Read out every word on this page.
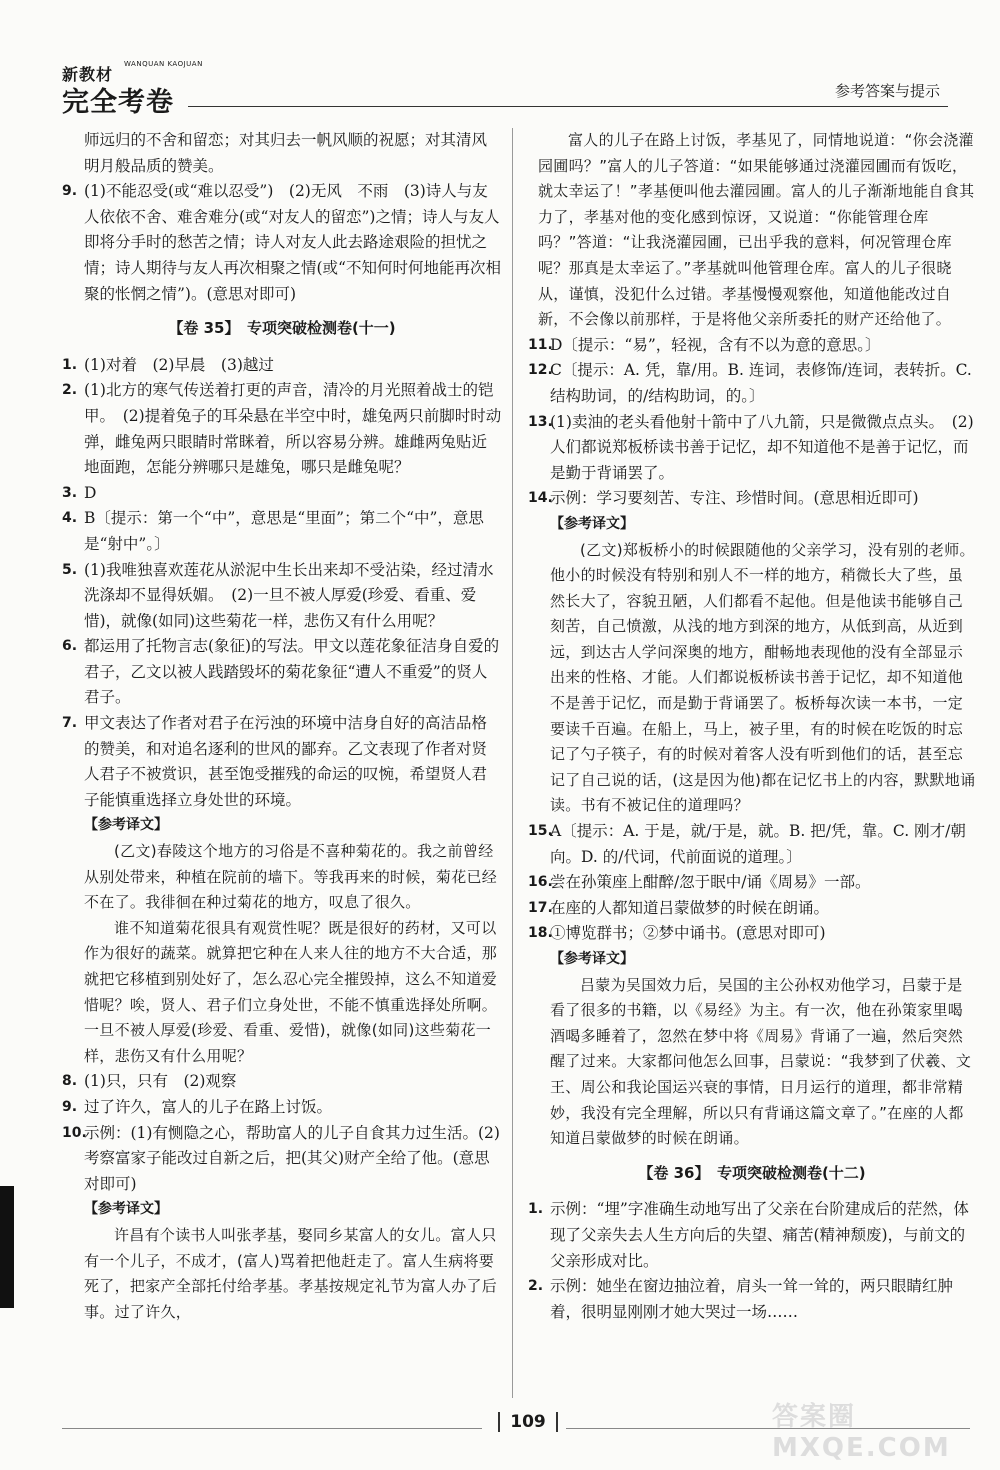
新教材
WANQUAN KAOJUAN
完全考卷	参考答案与提示
师远归的不舍和留恋；对其归去一帆风顺的祝愿；对其清风明月般品质的赞美。
9. (1)不能忍受(或“难以忍受”)　(2)无风　不雨　(3)诗人与友人依依不舍、难舍难分(或“对友人的留恋”)之情；诗人与友人即将分手时的愁苦之情；诗人对友人此去路途艰险的担忧之情；诗人期待与友人再次相聚之情(或“不知何时何地能再次相聚的怅惘之情”)。(意思对即可)
【卷 35】　专项突破检测卷(十一)
1. (1)对着　(2)早晨　(3)越过
2. (1)北方的寒气传送着打更的声音，清冷的月光照着战士的铠甲。　(2)提着兔子的耳朵悬在半空中时，雄兔两只前脚时时动弹，雌兔两只眼睛时常眯着，所以容易分辨。雄雌两兔贴近地面跑，怎能分辨哪只是雄兔，哪只是雌兔呢？
3. D
4. B〔提示：第一个“中”，意思是“里面”；第二个“中”，意思是“射中”。〕
5. (1)我唯独喜欢莲花从淤泥中生长出来却不受沾染，经过清水洗涤却不显得妖媚。　(2)一旦不被人厚爱(珍爱、看重、爱惜)，就像(如同)这些菊花一样，悲伤又有什么用呢？
6. 都运用了托物言志(象征)的写法。甲文以莲花象征洁身自爱的君子，乙文以被人践踏毁坏的菊花象征“遭人不重爱”的贤人君子。
7. 甲文表达了作者对君子在污浊的环境中洁身自好的高洁品格的赞美，和对追名逐利的世风的鄙弃。乙文表现了作者对贤人君子不被赏识，甚至饱受摧残的命运的叹惋，希望贤人君子能慎重选择立身处世的环境。
【参考译文】
(乙文)春陵这个地方的习俗是不喜种菊花的。我之前曾经从别处带来，种植在院前的墙下。等我再来的时候，菊花已经不在了。我徘徊在种过菊花的地方，叹息了很久。
谁不知道菊花很具有观赏性呢？既是很好的药材，又可以作为很好的蔬菜。就算把它种在人来人往的地方不大合适，那就把它移植到别处好了，怎么忍心完全摧毁掉，这么不知道爱惜呢？唉，贤人、君子们立身处世，不能不慎重选择处所啊。一旦不被人厚爱(珍爱、看重、爱惜)，就像(如同)这些菊花一样，悲伤又有什么用呢？
8. (1)只，只有　(2)观察
9. 过了许久，富人的儿子在路上讨饭。
10.
示例：(1)有恻隐之心，帮助富人的儿子自食其力过生活。(2)考察富家子能改过自新之后，把(其父)财产全给了他。(意思对即可)
【参考译文】
许昌有个读书人叫张孝基，娶同乡某富人的女儿。富人只有一个儿子，不成才，(富人)骂着把他赶走了。富人生病将要死了，把家产全部托付给孝基。孝基按规定礼节为富人办了后事。过了许久，
富人的儿子在路上讨饭，孝基见了，同情地说道：“你会浇灌园圃吗？”富人的儿子答道：“如果能够通过浇灌园圃而有饭吃，就太幸运了！”孝基便叫他去灌园圃。富人的儿子渐渐地能自食其力了，孝基对他的变化感到惊讶，又说道：“你能管理仓库吗？”答道：“让我浇灌园圃，已出乎我的意料，何况管理仓库呢？那真是太幸运了。”孝基就叫他管理仓库。富人的儿子很晓从，谨慎，没犯什么过错。孝基慢慢观察他，知道他能改过自新，不会像以前那样，于是将他父亲所委托的财产还给他了。
11.
D〔提示：“易”，轻视，含有不以为意的意思。〕
12.
C〔提示：A. 凭，靠/用。B. 连词，表修饰/连词，表转折。C. 结构助词，的/结构助词，的。〕
13.
(1)卖油的老头看他射十箭中了八九箭，只是微微点点头。　(2)人们都说郑板桥读书善于记忆，却不知道他不是善于记忆，而是勤于背诵罢了。
14.
示例：学习要刻苦、专注、珍惜时间。(意思相近即可)
【参考译文】
(乙文)郑板桥小的时候跟随他的父亲学习，没有别的老师。他小的时候没有特别和别人不一样的地方，稍微长大了些，虽然长大了，容貌丑陋，人们都看不起他。但是他读书能够自己刻苦，自己愤激，从浅的地方到深的地方，从低到高，从近到远，到达古人学问深奥的地方，酣畅地表现他的没有全部显示出来的性格、才能。人们都说板桥读书善于记忆，却不知道他不是善于记忆，而是勤于背诵罢了。板桥每次读一本书，一定要读千百遍。在船上，马上，被子里，有的时候在吃饭的时忘记了勺子筷子，有的时候对着客人没有听到他们的话，甚至忘记了自己说的话，(这是因为他)都在记忆书上的内容，默默地诵读。书有不被记住的道理吗？
15.
A〔提示：A. 于是，就/于是，就。B. 把/凭，靠。C. 刚才/朝向。D. 的/代词，代前面说的道理。〕
16.
尝在孙策座上酣醉/忽于眠中/诵《周易》一部。
17.
在座的人都知道吕蒙做梦的时候在朗诵。
18.
①博览群书；②梦中诵书。(意思对即可)
【参考译文】
吕蒙为吴国效力后，吴国的主公孙权劝他学习，吕蒙于是看了很多的书籍，以《易经》为主。有一次，他在孙策家里喝酒喝多睡着了，忽然在梦中将《周易》背诵了一遍，然后突然醒了过来。大家都问他怎么回事，吕蒙说：“我梦到了伏羲、文王、周公和我论国运兴衰的事情，日月运行的道理，都非常精妙，我没有完全理解，所以只有背诵这篇文章了。”在座的人都知道吕蒙做梦的时候在朗诵。
【卷 36】　专项突破检测卷(十二)
1. 示例：“埋”字准确生动地写出了父亲在台阶建成后的茫然，体现了父亲失去人生方向后的失望、痛苦(精神颓废)，与前文的父亲形成对比。
2. 示例：她坐在窗边抽泣着，肩头一耸一耸的，两只眼睛红肿着，很明显刚刚才她大哭过一场……
109	答案圈 MXQE.COM
